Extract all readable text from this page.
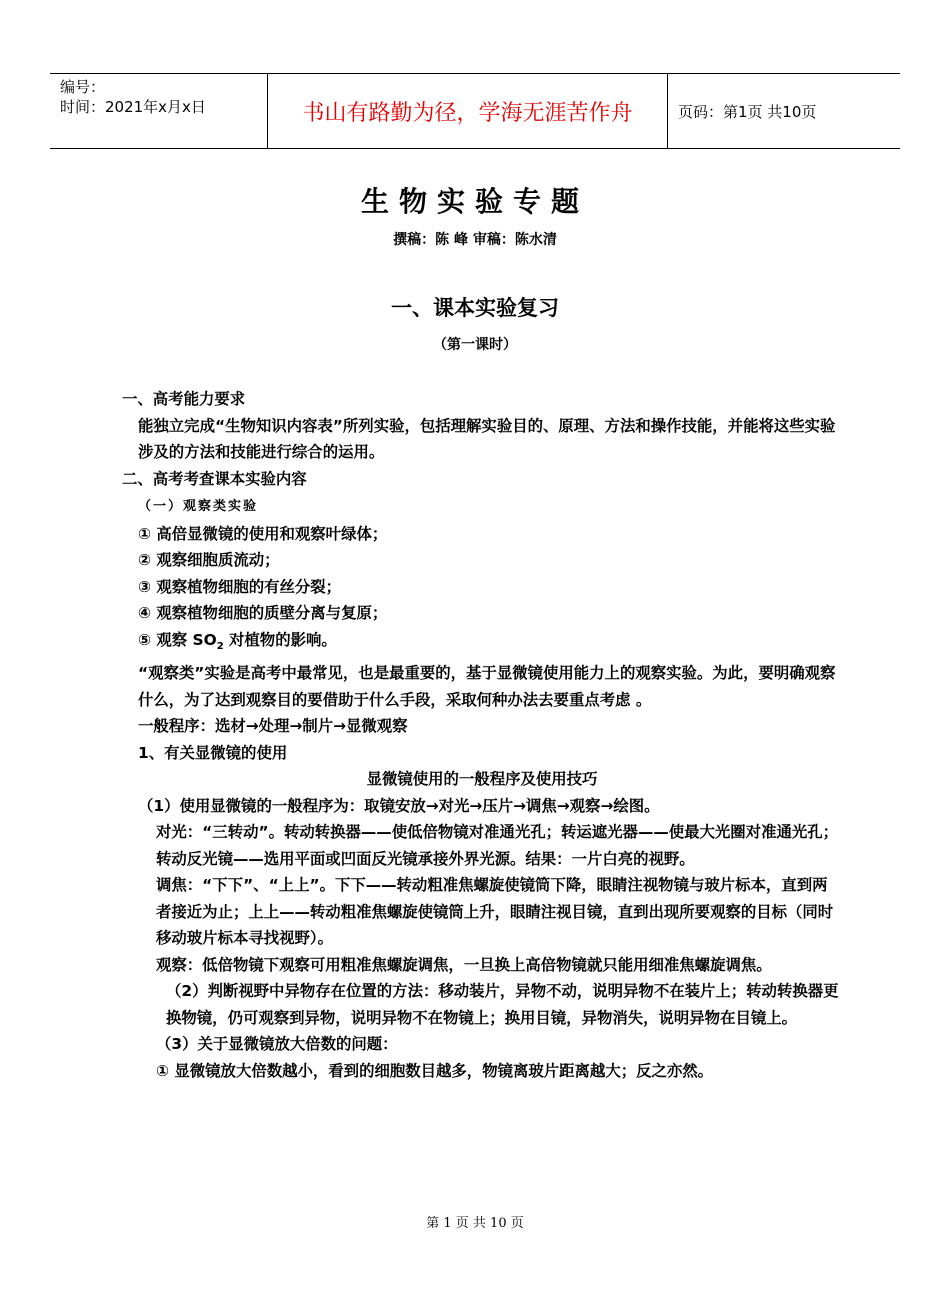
编号：
时间：2021年x月x日	书山有路勤为径，学海无涯苦作舟	页码：第1页 共10页
生物实验专题
撰稿：陈 峰 审稿：陈水清
一、课本实验复习
（第一课时）

一、高考能力要求

能独立完成“生物知识内容表”所列实验，包括理解实验目的、原理、方法和操作技能，并能将这些实验涉及的方法和技能进行综合的运用。

二、高考考查课本实验内容

（一）观察类实验

① 高倍显微镜的使用和观察叶绿体；

② 观察细胞质流动；

③ 观察植物细胞的有丝分裂；

④ 观察植物细胞的质壁分离与复原；

⑤ 观察 $SO_2$ 对植物的影响。

“观察类”实验是高考中最常见，也是最重要的，基于显微镜使用能力上的观察实验。为此，要明确观察什么，为了达到观察目的要借助于什么手段，采取何种办法去要重点考虑 。

一般程序：选材→处理→制片→显微观察

1、有关显微镜的使用

显微镜使用的一般程序及使用技巧

（1）使用显微镜的一般程序为：取镜安放→对光→压片→调焦→观察→绘图。

对光：“三转动”。转动转换器——使低倍物镜对准通光孔；转运遮光器——使最大光圈对准通光孔；转动反光镜——选用平面或凹面反光镜承接外界光源。结果：一片白亮的视野。

调焦：“下下”、“上上”。下下——转动粗准焦螺旋使镜筒下降，眼睛注视物镜与玻片标本，直到两者接近为止；上上——转动粗准焦螺旋使镜筒上升，眼睛注视目镜，直到出现所要观察的目标（同时移动玻片标本寻找视野）。

观察：低倍物镜下观察可用粗准焦螺旋调焦，一旦换上高倍物镜就只能用细准焦螺旋调焦。

（2）判断视野中异物存在位置的方法：移动装片，异物不动，说明异物不在装片上；转动转换器更换物镜，仍可观察到异物，说明异物不在物镜上；换用目镜，异物消失，说明异物在目镜上。

（3）关于显微镜放大倍数的问题：

① 显微镜放大倍数越小，看到的细胞数目越多，物镜离玻片距离越大；反之亦然。

第 1 页 共 10 页
